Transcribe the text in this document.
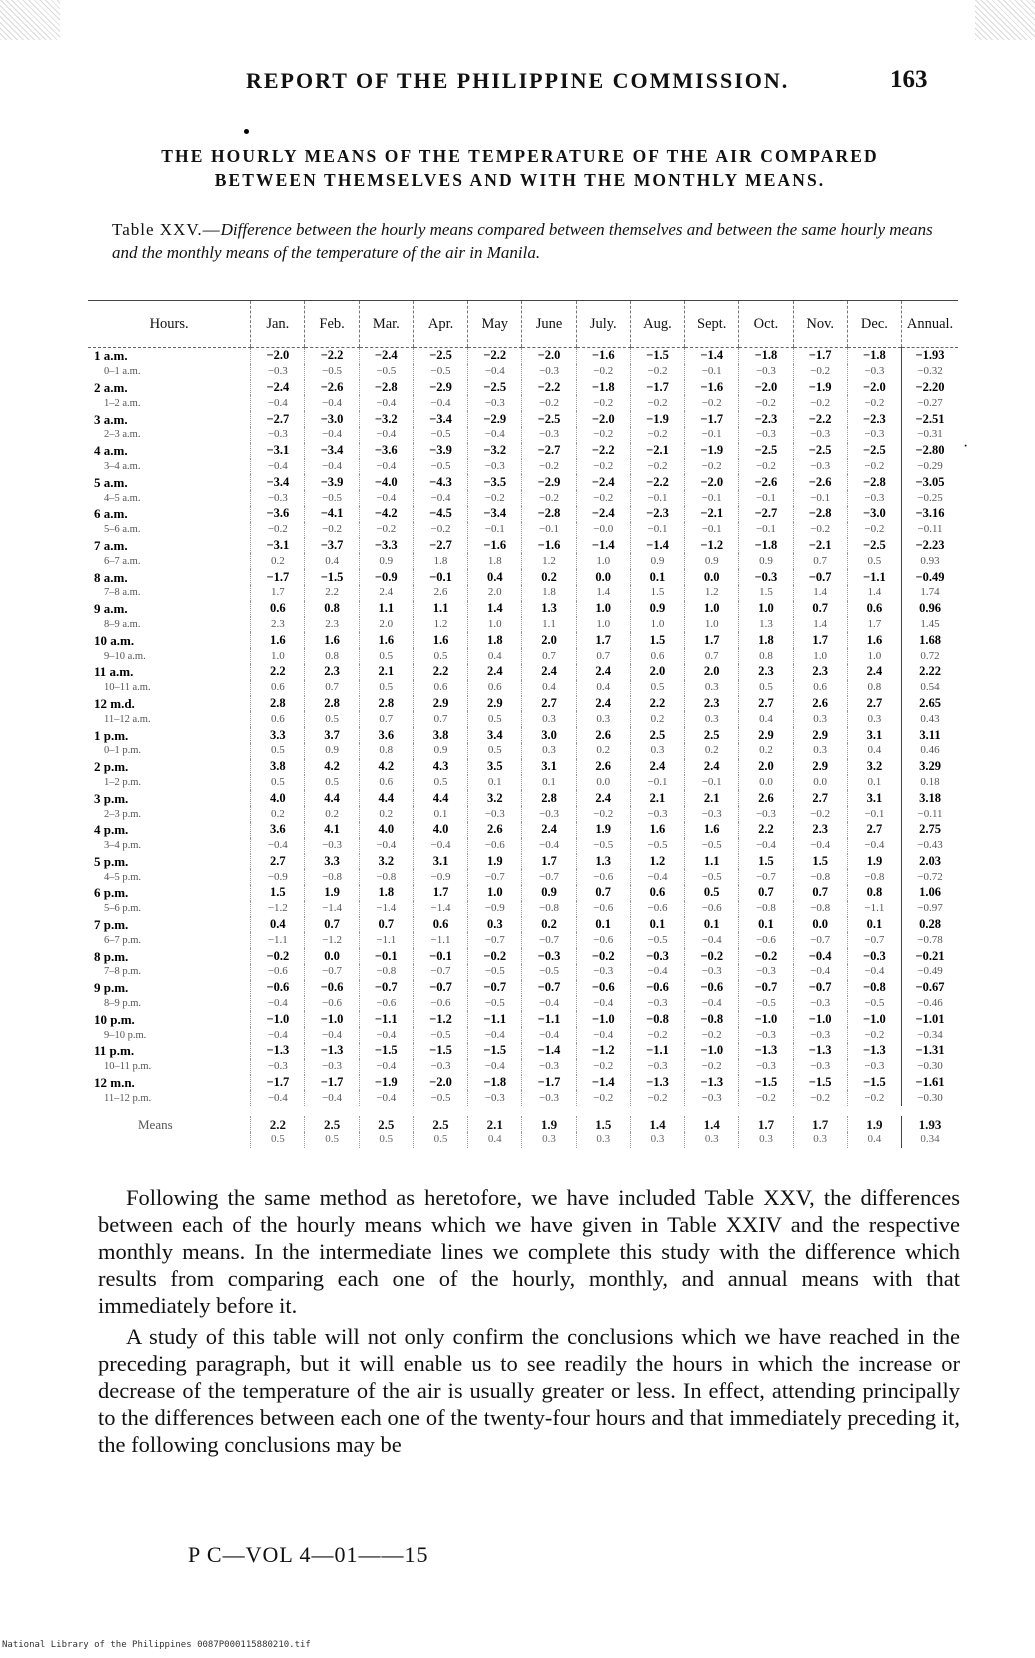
REPORT OF THE PHILIPPINE COMMISSION.	163
THE HOURLY MEANS OF THE TEMPERATURE OF THE AIR COMPARED
BETWEEN THEMSELVES AND WITH THE MONTHLY MEANS.
Table XXV.—Difference between the hourly means compared between themselves and between the same hourly means and the monthly means of the temperature of the air in Manila.
·
Hours.	Jan.	Feb.	Mar.	Apr.	May	June	July.	Aug.	Sept.	Oct.	Nov.	Dec.	Annual.
1 a.m.	−2.0	−2.2	−2.4	−2.5	−2.2	−2.0	−1.6	−1.5	−1.4	−1.8	−1.7	−1.8	−1.93
0–1 a.m.	−0.3	−0.5	−0.5	−0.5	−0.4	−0.3	−0.2	−0.2	−0.1	−0.3	−0.2	−0.3	−0.32
2 a.m.	−2.4	−2.6	−2.8	−2.9	−2.5	−2.2	−1.8	−1.7	−1.6	−2.0	−1.9	−2.0	−2.20
1–2 a.m.	−0.4	−0.4	−0.4	−0.4	−0.3	−0.2	−0.2	−0.2	−0.2	−0.2	−0.2	−0.2	−0.27
3 a.m.	−2.7	−3.0	−3.2	−3.4	−2.9	−2.5	−2.0	−1.9	−1.7	−2.3	−2.2	−2.3	−2.51
2–3 a.m.	−0.3	−0.4	−0.4	−0.5	−0.4	−0.3	−0.2	−0.2	−0.1	−0.3	−0.3	−0.3	−0.31
4 a.m.	−3.1	−3.4	−3.6	−3.9	−3.2	−2.7	−2.2	−2.1	−1.9	−2.5	−2.5	−2.5	−2.80
3–4 a.m.	−0.4	−0.4	−0.4	−0.5	−0.3	−0.2	−0.2	−0.2	−0.2	−0.2	−0.3	−0.2	−0.29
5 a.m.	−3.4	−3.9	−4.0	−4.3	−3.5	−2.9	−2.4	−2.2	−2.0	−2.6	−2.6	−2.8	−3.05
4–5 a.m.	−0.3	−0.5	−0.4	−0.4	−0.2	−0.2	−0.2	−0.1	−0.1	−0.1	−0.1	−0.3	−0.25
6 a.m.	−3.6	−4.1	−4.2	−4.5	−3.4	−2.8	−2.4	−2.3	−2.1	−2.7	−2.8	−3.0	−3.16
5–6 a.m.	−0.2	−0.2	−0.2	−0.2	−0.1	−0.1	−0.0	−0.1	−0.1	−0.1	−0.2	−0.2	−0.11
7 a.m.	−3.1	−3.7	−3.3	−2.7	−1.6	−1.6	−1.4	−1.4	−1.2	−1.8	−2.1	−2.5	−2.23
6–7 a.m.	0.2	0.4	0.9	1.8	1.8	1.2	1.0	0.9	0.9	0.9	0.7	0.5	0.93
8 a.m.	−1.7	−1.5	−0.9	−0.1	0.4	0.2	0.0	0.1	0.0	−0.3	−0.7	−1.1	−0.49
7–8 a.m.	1.7	2.2	2.4	2.6	2.0	1.8	1.4	1.5	1.2	1.5	1.4	1.4	1.74
9 a.m.	0.6	0.8	1.1	1.1	1.4	1.3	1.0	0.9	1.0	1.0	0.7	0.6	0.96
8–9 a.m.	2.3	2.3	2.0	1.2	1.0	1.1	1.0	1.0	1.0	1.3	1.4	1.7	1.45
10 a.m.	1.6	1.6	1.6	1.6	1.8	2.0	1.7	1.5	1.7	1.8	1.7	1.6	1.68
9–10 a.m.	1.0	0.8	0.5	0.5	0.4	0.7	0.7	0.6	0.7	0.8	1.0	1.0	0.72
11 a.m.	2.2	2.3	2.1	2.2	2.4	2.4	2.4	2.0	2.0	2.3	2.3	2.4	2.22
10–11 a.m.	0.6	0.7	0.5	0.6	0.6	0.4	0.4	0.5	0.3	0.5	0.6	0.8	0.54
12 m.d.	2.8	2.8	2.8	2.9	2.9	2.7	2.4	2.2	2.3	2.7	2.6	2.7	2.65
11–12 a.m.	0.6	0.5	0.7	0.7	0.5	0.3	0.3	0.2	0.3	0.4	0.3	0.3	0.43
1 p.m.	3.3	3.7	3.6	3.8	3.4	3.0	2.6	2.5	2.5	2.9	2.9	3.1	3.11
0–1 p.m.	0.5	0.9	0.8	0.9	0.5	0.3	0.2	0.3	0.2	0.2	0.3	0.4	0.46
2 p.m.	3.8	4.2	4.2	4.3	3.5	3.1	2.6	2.4	2.4	2.0	2.9	3.2	3.29
1–2 p.m.	0.5	0.5	0.6	0.5	0.1	0.1	0.0	−0.1	−0.1	0.0	0.0	0.1	0.18
3 p.m.	4.0	4.4	4.4	4.4	3.2	2.8	2.4	2.1	2.1	2.6	2.7	3.1	3.18
2–3 p.m.	0.2	0.2	0.2	0.1	−0.3	−0.3	−0.2	−0.3	−0.3	−0.3	−0.2	−0.1	−0.11
4 p.m.	3.6	4.1	4.0	4.0	2.6	2.4	1.9	1.6	1.6	2.2	2.3	2.7	2.75
3–4 p.m.	−0.4	−0.3	−0.4	−0.4	−0.6	−0.4	−0.5	−0.5	−0.5	−0.4	−0.4	−0.4	−0.43
5 p.m.	2.7	3.3	3.2	3.1	1.9	1.7	1.3	1.2	1.1	1.5	1.5	1.9	2.03
4–5 p.m.	−0.9	−0.8	−0.8	−0.9	−0.7	−0.7	−0.6	−0.4	−0.5	−0.7	−0.8	−0.8	−0.72
6 p.m.	1.5	1.9	1.8	1.7	1.0	0.9	0.7	0.6	0.5	0.7	0.7	0.8	1.06
5–6 p.m.	−1.2	−1.4	−1.4	−1.4	−0.9	−0.8	−0.6	−0.6	−0.6	−0.8	−0.8	−1.1	−0.97
7 p.m.	0.4	0.7	0.7	0.6	0.3	0.2	0.1	0.1	0.1	0.1	0.0	0.1	0.28
6–7 p.m.	−1.1	−1.2	−1.1	−1.1	−0.7	−0.7	−0.6	−0.5	−0.4	−0.6	−0.7	−0.7	−0.78
8 p.m.	−0.2	0.0	−0.1	−0.1	−0.2	−0.3	−0.2	−0.3	−0.2	−0.2	−0.4	−0.3	−0.21
7–8 p.m.	−0.6	−0.7	−0.8	−0.7	−0.5	−0.5	−0.3	−0.4	−0.3	−0.3	−0.4	−0.4	−0.49
9 p.m.	−0.6	−0.6	−0.7	−0.7	−0.7	−0.7	−0.6	−0.6	−0.6	−0.7	−0.7	−0.8	−0.67
8–9 p.m.	−0.4	−0.6	−0.6	−0.6	−0.5	−0.4	−0.4	−0.3	−0.4	−0.5	−0.3	−0.5	−0.46
10 p.m.	−1.0	−1.0	−1.1	−1.2	−1.1	−1.1	−1.0	−0.8	−0.8	−1.0	−1.0	−1.0	−1.01
9–10 p.m.	−0.4	−0.4	−0.4	−0.5	−0.4	−0.4	−0.4	−0.2	−0.2	−0.3	−0.3	−0.2	−0.34
11 p.m.	−1.3	−1.3	−1.5	−1.5	−1.5	−1.4	−1.2	−1.1	−1.0	−1.3	−1.3	−1.3	−1.31
10–11 p.m.	−0.3	−0.3	−0.4	−0.3	−0.4	−0.3	−0.2	−0.3	−0.2	−0.3	−0.3	−0.3	−0.30
12 m.n.	−1.7	−1.7	−1.9	−2.0	−1.8	−1.7	−1.4	−1.3	−1.3	−1.5	−1.5	−1.5	−1.61
11–12 p.m.	−0.4	−0.4	−0.4	−0.5	−0.3	−0.3	−0.2	−0.2	−0.3	−0.2	−0.2	−0.2	−0.30

Means	2.2	2.5	2.5	2.5	2.1	1.9	1.5	1.4	1.4	1.7	1.7	1.9	1.93
	0.5	0.5	0.5	0.5	0.4	0.3	0.3	0.3	0.3	0.3	0.3	0.4	0.34

Following the same method as heretofore, we have included Table XXV, the differences between each of the hourly means which we have given in Table XXIV and the respective monthly means. In the intermediate lines we complete this study with the difference which results from comparing each one of the hourly, monthly, and annual means with that immediately before it.

A study of this table will not only confirm the conclusions which we have reached in the preceding paragraph, but it will enable us to see readily the hours in which the increase or decrease of the temperature of the air is usually greater or less. In effect, attending principally to the differences between each one of the twenty-four hours and that immediately preceding it, the following conclusions may be

P C—VOL 4—01——15
National Library of the Philippines 0087P000115880210.tif
